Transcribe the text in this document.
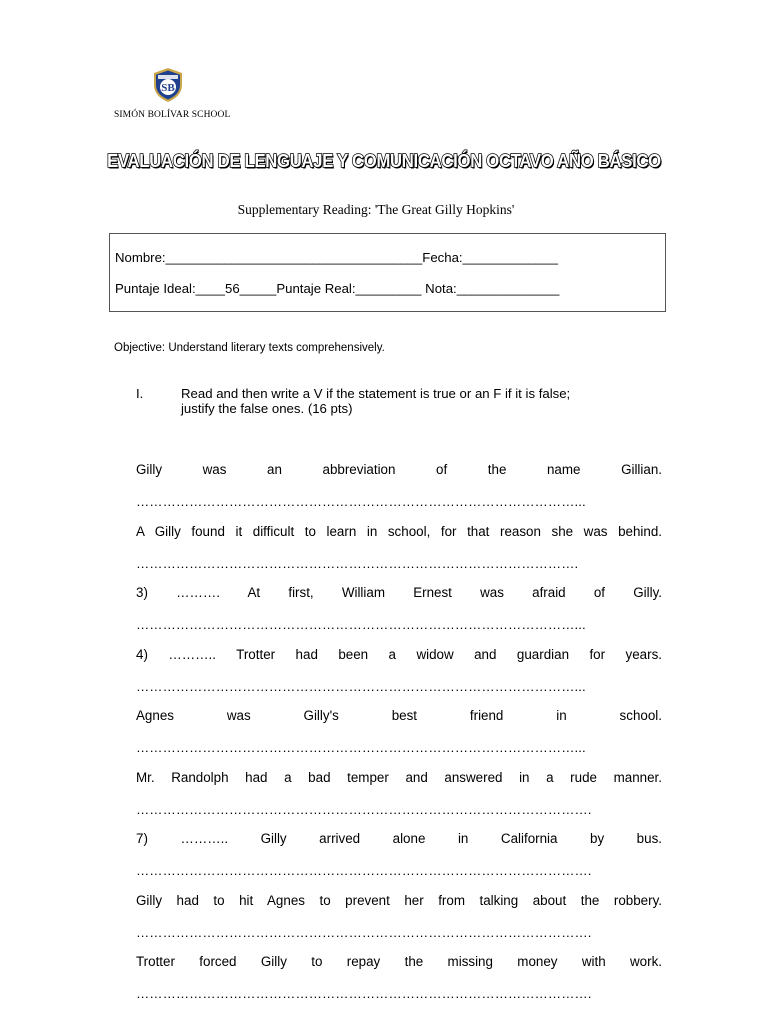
SB
SIMÓN BOLÍVAR SCHOOL
EVALUACIÓN DE LENGUAJE Y COMUNICACIÓN OCTAVO AÑO BÁSICO
Supplementary Reading: 'The Great Gilly Hopkins'
Nombre:___________________________________Fecha:_____________
Puntaje Ideal:____56_____Puntaje Real:_________ Nota:______________
Objective: Understand literary texts comprehensively.
I.	Read and then write a V if the statement is true or an F if it is false; justify the false ones. (16 pts)
Gilly was an abbreviation of the name Gillian.
………………………………………………………………………………………...
A Gilly found it difficult to learn in school, for that reason she was behind.
……………………………………………………………………………………….
3) ………. At first, William Ernest was afraid of Gilly.
………………………………………………………………………………………...
4) ……….. Trotter had been a widow and guardian for years.
………………………………………………………………………………………...
Agnes was Gilly's best friend in school.
………………………………………………………………………………………...
Mr. Randolph had a bad temper and answered in a rude manner.
………………………………………………………………………………………….
7) ……….. Gilly arrived alone in California by bus.
………………………………………………………………………………………….
Gilly had to hit Agnes to prevent her from talking about the robbery.
………………………………………………………………………………………….
Trotter forced Gilly to repay the missing money with work.
………………………………………………………………………………………….
